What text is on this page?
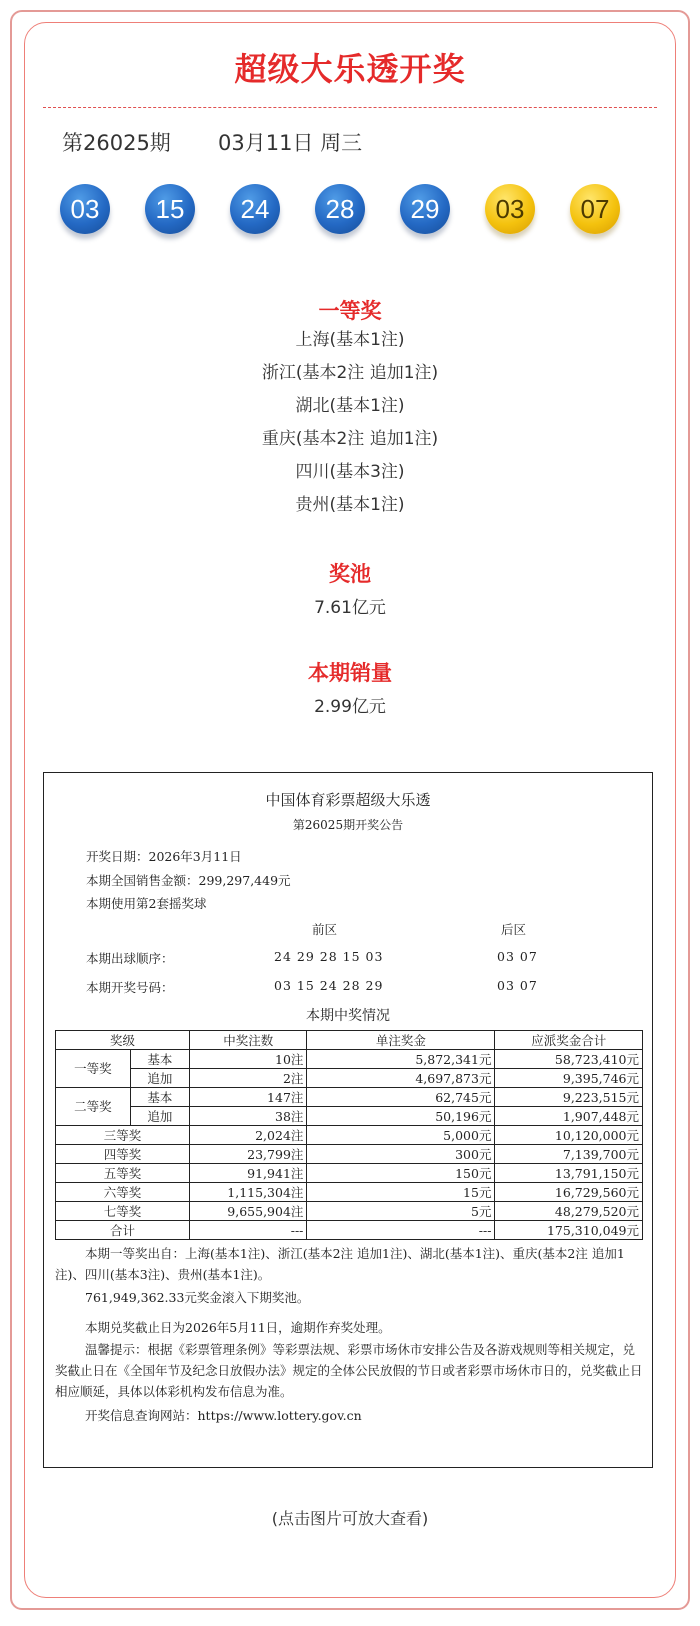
超级大乐透开奖
第26025期 03月11日 周三
03	15	24	28	29	03	07
一等奖
上海(基本1注)
浙江(基本2注 追加1注)
湖北(基本1注)
重庆(基本2注 追加1注)
四川(基本3注)
贵州(基本1注)
奖池
7.61亿元
本期销量
2.99亿元
中国体育彩票超级大乐透
第26025期开奖公告
开奖日期：2026年3月11日
本期全国销售金额：299,297,449元
本期使用第2套摇奖球
前区	后区
本期出球顺序：	24 29 28 15 03	03 07
本期开奖号码：	03 15 24 28 29	03 07
本期中奖情况
奖级		中奖注数	单注奖金	应派奖金合计
一等奖	基本	10注	5,872,341元	58,723,410元
	追加	2注	4,697,873元	9,395,746元
二等奖	基本	147注	62,745元	9,223,515元
	追加	38注	50,196元	1,907,448元
三等奖		2,024注	5,000元	10,120,000元
四等奖		23,799注	300元	7,139,700元
五等奖		91,941注	150元	13,791,150元
六等奖		1,115,304注	15元	16,729,560元
七等奖		9,655,904注	5元	48,279,520元
合计		---	---	175,310,049元
本期一等奖出自：上海(基本1注)、浙江(基本2注 追加1注)、湖北(基本1注)、重庆(基本2注 追加1注)、四川(基本3注)、贵州(基本1注)。
761,949,362.33元奖金滚入下期奖池。
本期兑奖截止日为2026年5月11日，逾期作弃奖处理。
温馨提示：根据《彩票管理条例》等彩票法规、彩票市场休市安排公告及各游戏规则等相关规定，兑奖截止日在《全国年节及纪念日放假办法》规定的全体公民放假的节日或者彩票市场休市日的，兑奖截止日相应顺延，具体以体彩机构发布信息为准。
开奖信息查询网站：https://www.lottery.gov.cn
(点击图片可放大查看)
